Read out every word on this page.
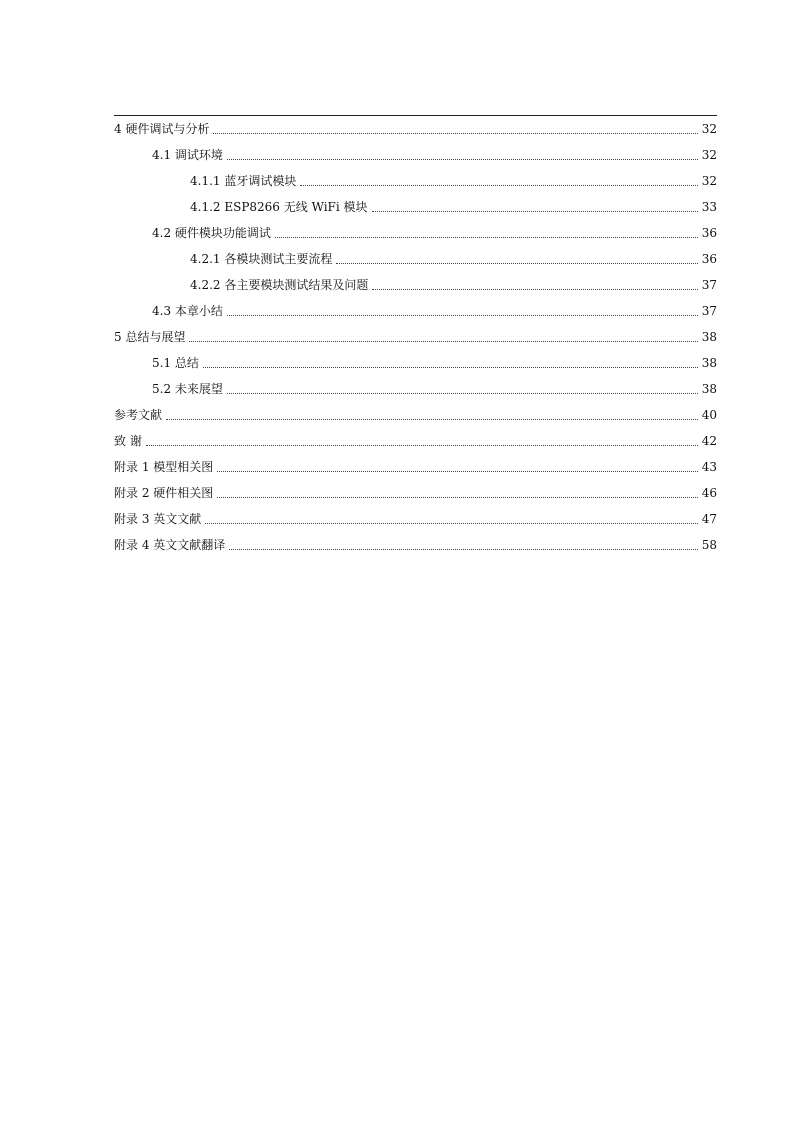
4 硬件调试与分析	32
4.1 调试环境	32
4.1.1 蓝牙调试模块	32
4.1.2 ESP8266 无线 WiFi 模块	33
4.2 硬件模块功能调试	36
4.2.1 各模块测试主要流程	36
4.2.2 各主要模块测试结果及问题	37
4.3 本章小结	37
5 总结与展望	38
5.1 总结	38
5.2 未来展望	38
参考文献	40
致 谢	42
附录 1 模型相关图	43
附录 2 硬件相关图	46
附录 3 英文文献	47
附录 4 英文文献翻译	58
